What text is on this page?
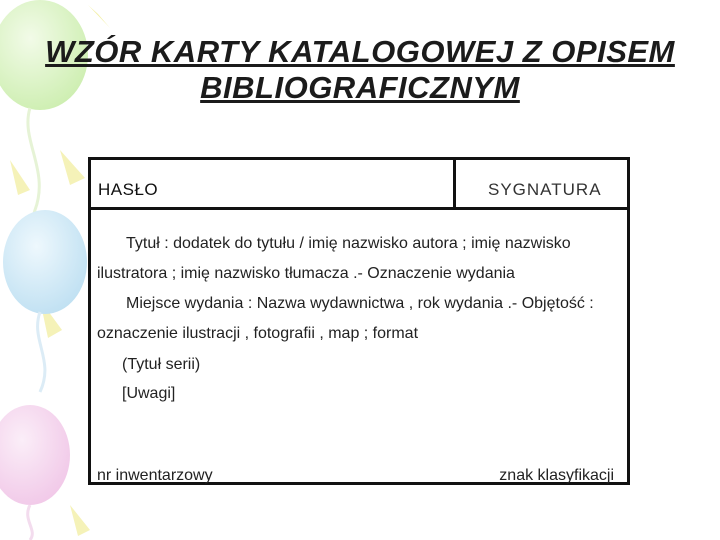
WZÓR KARTY KATALOGOWEJ Z OPISEM BIBLIOGRAFICZNYM
HASŁO	SYGNATURA
Tytuł : dodatek do tytułu / imię nazwisko autora ; imię nazwisko
ilustratora ; imię nazwisko tłumacza .- Oznaczenie wydania
Miejsce wydania : Nazwa wydawnictwa , rok wydania .- Objętość :
oznaczenie ilustracji , fotografii , map ; format
(Tytuł serii)
[Uwagi]
nr inwentarzowy	znak klasyfikacji
